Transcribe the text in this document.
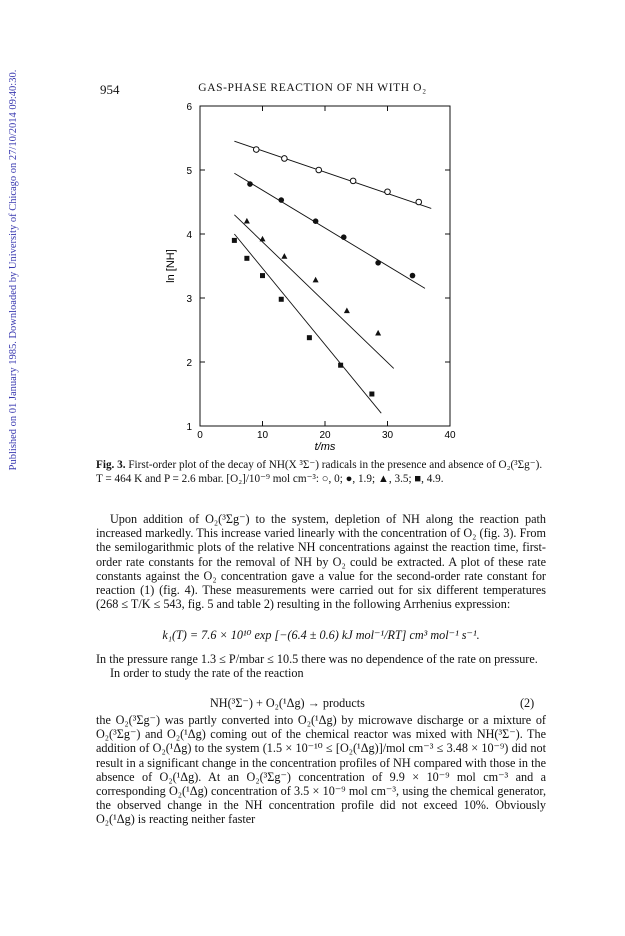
Published on 01 January 1985. Downloaded by University of Chicago on 27/10/2014 09:40:30.	954	GAS-PHASE REACTION OF NH WITH O₂
0	10	20	30	40
1
2
3
4
5
6
t/ms
ln [NH]
Fig. 3. First-order plot of the decay of NH(X ³Σ⁻) radicals in the presence and absence of O₂(³Σg⁻). T = 464 K and P = 2.6 mbar. [O₂]/10⁻⁹ mol cm⁻³: ○, 0; ●, 1.9; ▲, 3.5; ■, 4.9.
Upon addition of O₂(³Σg⁻) to the system, depletion of NH along the reaction path increased markedly. This increase varied linearly with the concentration of O₂ (fig. 3). From the semilogarithmic plots of the relative NH concentrations against the reaction time, first-order rate constants for the removal of NH by O₂ could be extracted. A plot of these rate constants against the O₂ concentration gave a value for the second-order rate constant for reaction (1) (fig. 4). These measurements were carried out for six different temperatures (268 ≤ T/K ≤ 543, fig. 5 and table 2) resulting in the following Arrhenius expression:
k₁(T) = 7.6 × 10¹⁰ exp [−(6.4 ± 0.6) kJ mol⁻¹/RT] cm³ mol⁻¹ s⁻¹.
In the pressure range 1.3 ≤ P/mbar ≤ 10.5 there was no dependence of the rate on pressure.
In order to study the rate of the reaction
NH(³Σ⁻) + O₂(¹Δg) → products	(2)
the O₂(³Σg⁻) was partly converted into O₂(¹Δg) by microwave discharge or a mixture of O₂(³Σg⁻) and O₂(¹Δg) coming out of the chemical reactor was mixed with NH(³Σ⁻). The addition of O₂(¹Δg) to the system (1.5 × 10⁻¹⁰ ≤ [O₂(¹Δg)]/mol cm⁻³ ≤ 3.48 × 10⁻⁹) did not result in a significant change in the concentration profiles of NH compared with those in the absence of O₂(¹Δg). At an O₂(³Σg⁻) concentration of 9.9 × 10⁻⁹ mol cm⁻³ and a corresponding O₂(¹Δg) concentration of 3.5 × 10⁻⁹ mol cm⁻³, using the chemical generator, the observed change in the NH concentration profile did not exceed 10%. Obviously O₂(¹Δg) is reacting neither faster
